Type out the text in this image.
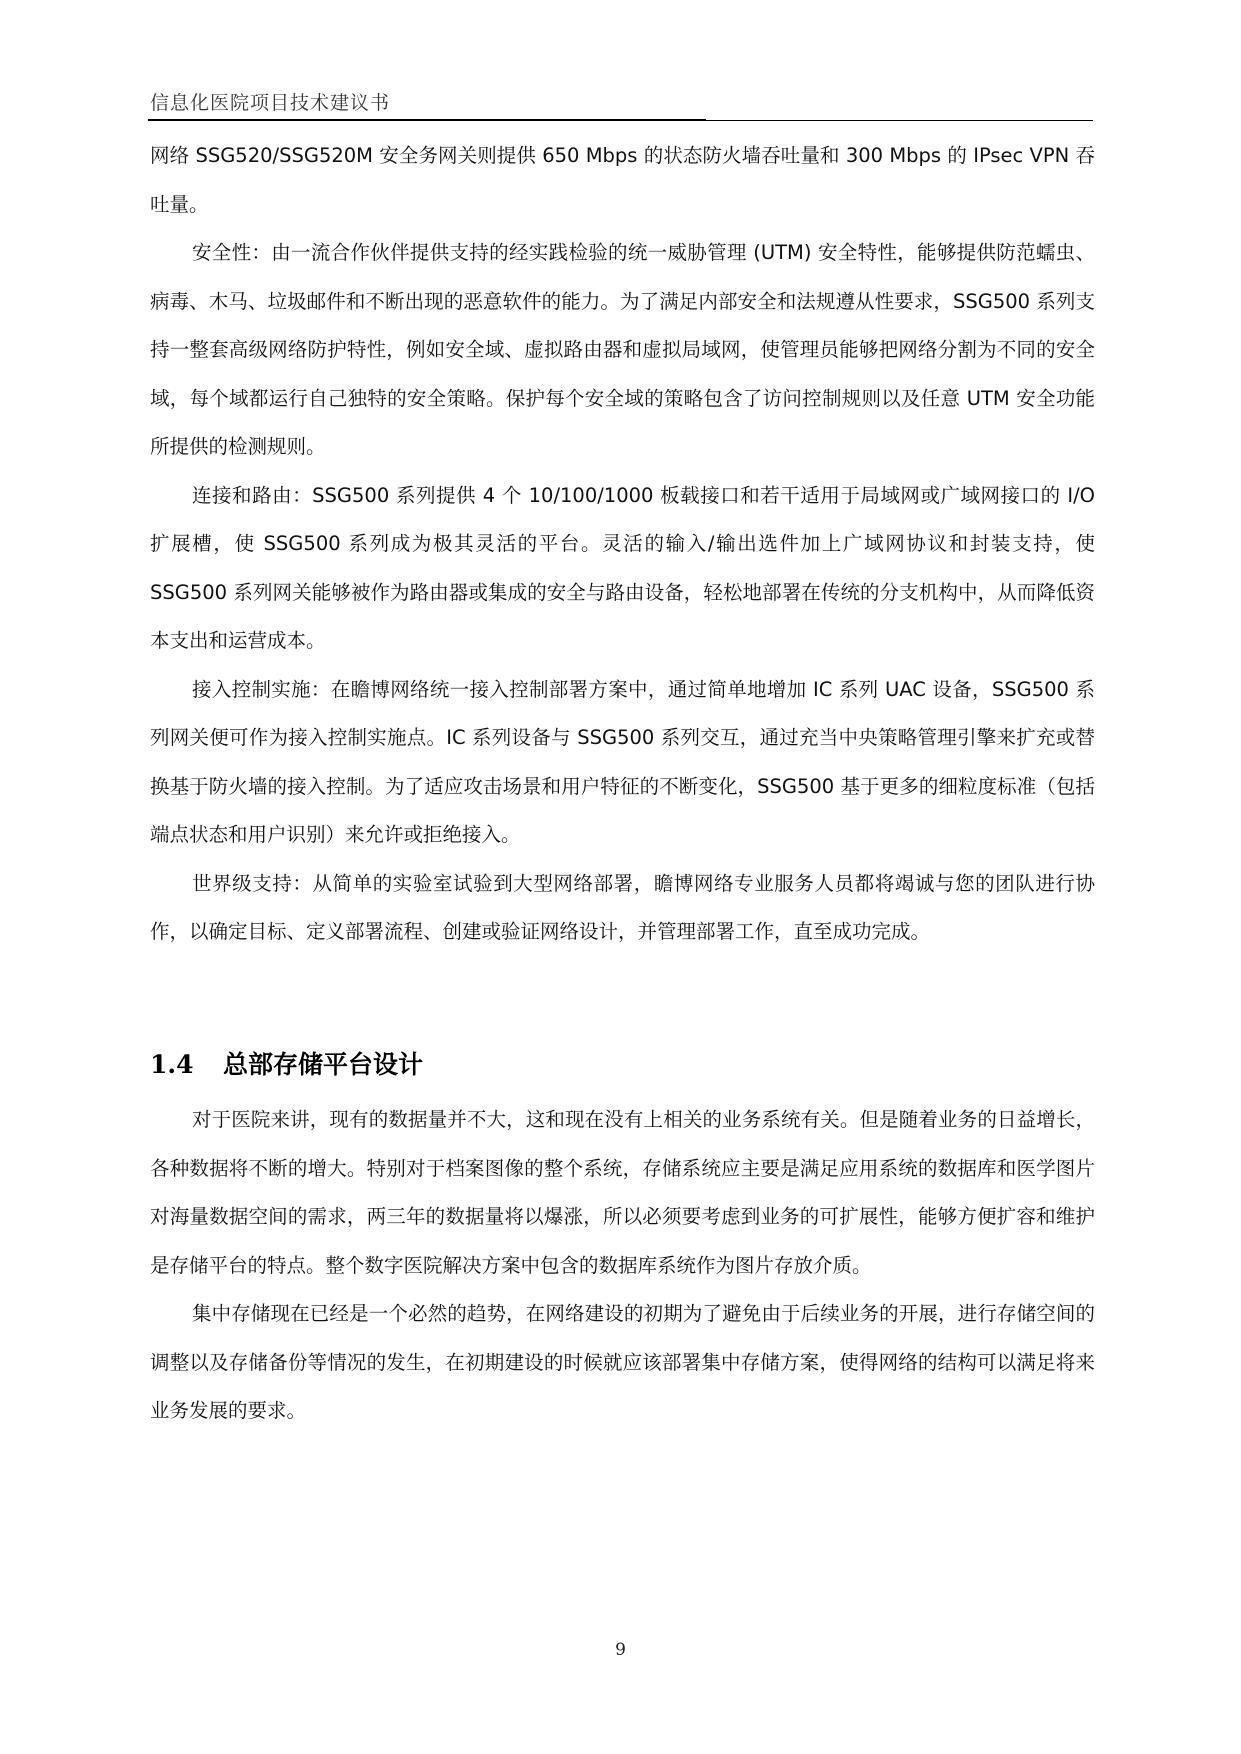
信息化医院项目技术建议书

网络 SSG520/SSG520M 安全务网关则提供 650 Mbps 的状态防火墙吞吐量和 300 Mbps 的 IPsec VPN 吞吐量。

安全性：由一流合作伙伴提供支持的经实践检验的统一威胁管理 (UTM) 安全特性，能够提供防范蠕虫、病毒、木马、垃圾邮件和不断出现的恶意软件的能力。为了满足内部安全和法规遵从性要求，SSG500 系列支持一整套高级网络防护特性，例如安全域、虚拟路由器和虚拟局域网，使管理员能够把网络分割为不同的安全域，每个域都运行自己独特的安全策略。保护每个安全域的策略包含了访问控制规则以及任意 UTM 安全功能所提供的检测规则。

连接和路由：SSG500 系列提供 4 个 10/100/1000 板载接口和若干适用于局域网或广域网接口的 I/O 扩展槽，使 SSG500 系列成为极其灵活的平台。灵活的输入/输出选件加上广域网协议和封装支持，使 SSG500 系列网关能够被作为路由器或集成的安全与路由设备，轻松地部署在传统的分支机构中，从而降低资本支出和运营成本。

接入控制实施：在瞻博网络统一接入控制部署方案中，通过简单地增加 IC 系列 UAC 设备，SSG500 系列网关便可作为接入控制实施点。IC 系列设备与 SSG500 系列交互，通过充当中央策略管理引擎来扩充或替换基于防火墙的接入控制。为了适应攻击场景和用户特征的不断变化，SSG500 基于更多的细粒度标准（包括端点状态和用户识别）来允许或拒绝接入。

世界级支持：从简单的实验室试验到大型网络部署，瞻博网络专业服务人员都将竭诚与您的团队进行协作，以确定目标、定义部署流程、创建或验证网络设计，并管理部署工作，直至成功完成。

1.4 总部存储平台设计

对于医院来讲，现有的数据量并不大，这和现在没有上相关的业务系统有关。但是随着业务的日益增长，各种数据将不断的增大。特别对于档案图像的整个系统，存储系统应主要是满足应用系统的数据库和医学图片对海量数据空间的需求，两三年的数据量将以爆涨，所以必须要考虑到业务的可扩展性，能够方便扩容和维护是存储平台的特点。整个数字医院解决方案中包含的数据库系统作为图片存放介质。

集中存储现在已经是一个必然的趋势，在网络建设的初期为了避免由于后续业务的开展，进行存储空间的调整以及存储备份等情况的发生，在初期建设的时候就应该部署集中存储方案，使得网络的结构可以满足将来业务发展的要求。

9
